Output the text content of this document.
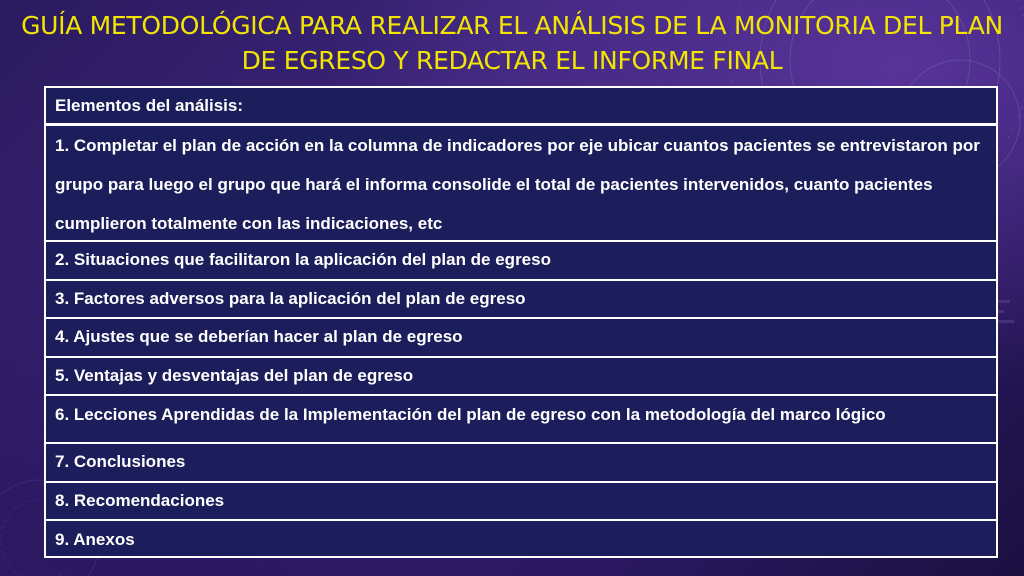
GUÍA METODOLÓGICA PARA REALIZAR EL ANÁLISIS DE LA MONITORIA DEL PLAN DE EGRESO Y REDACTAR EL INFORME FINAL
Elementos del análisis:
1. Completar el plan de acción en la columna de indicadores por eje ubicar cuantos pacientes se entrevistaron por grupo para luego el grupo que hará el informa consolide el total de pacientes intervenidos, cuanto pacientes cumplieron totalmente con las indicaciones, etc
2. Situaciones que facilitaron la aplicación del plan de egreso
3. Factores adversos para la aplicación del plan de egreso
4. Ajustes que se deberían hacer al plan de egreso
5. Ventajas y desventajas del plan de egreso
6. Lecciones Aprendidas de la Implementación del plan de egreso con la metodología del marco lógico
7. Conclusiones
8. Recomendaciones
9. Anexos
